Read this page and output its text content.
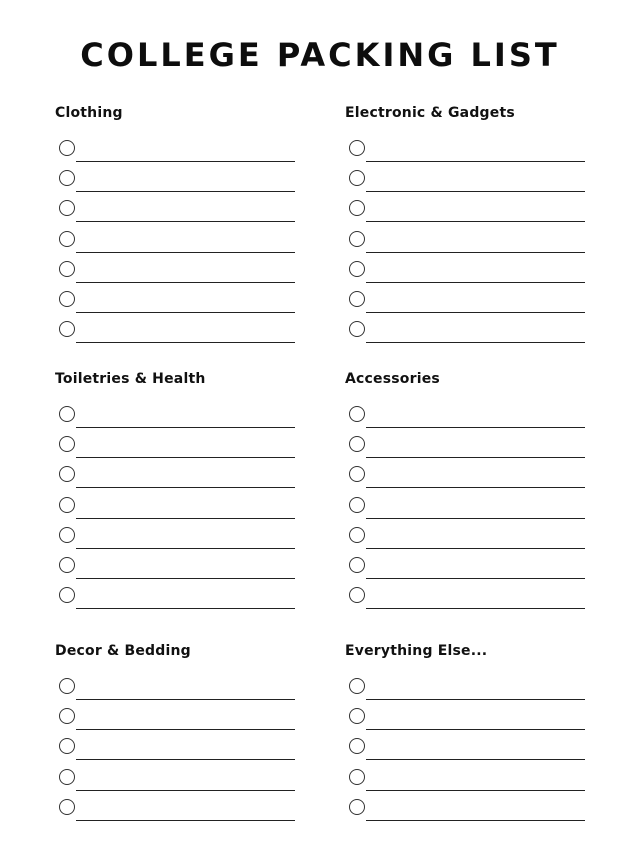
COLLEGE PACKING LIST
Clothing	Electronic & Gadgets
Toiletries & Health	Accessories
Decor & Bedding	Everything Else...
